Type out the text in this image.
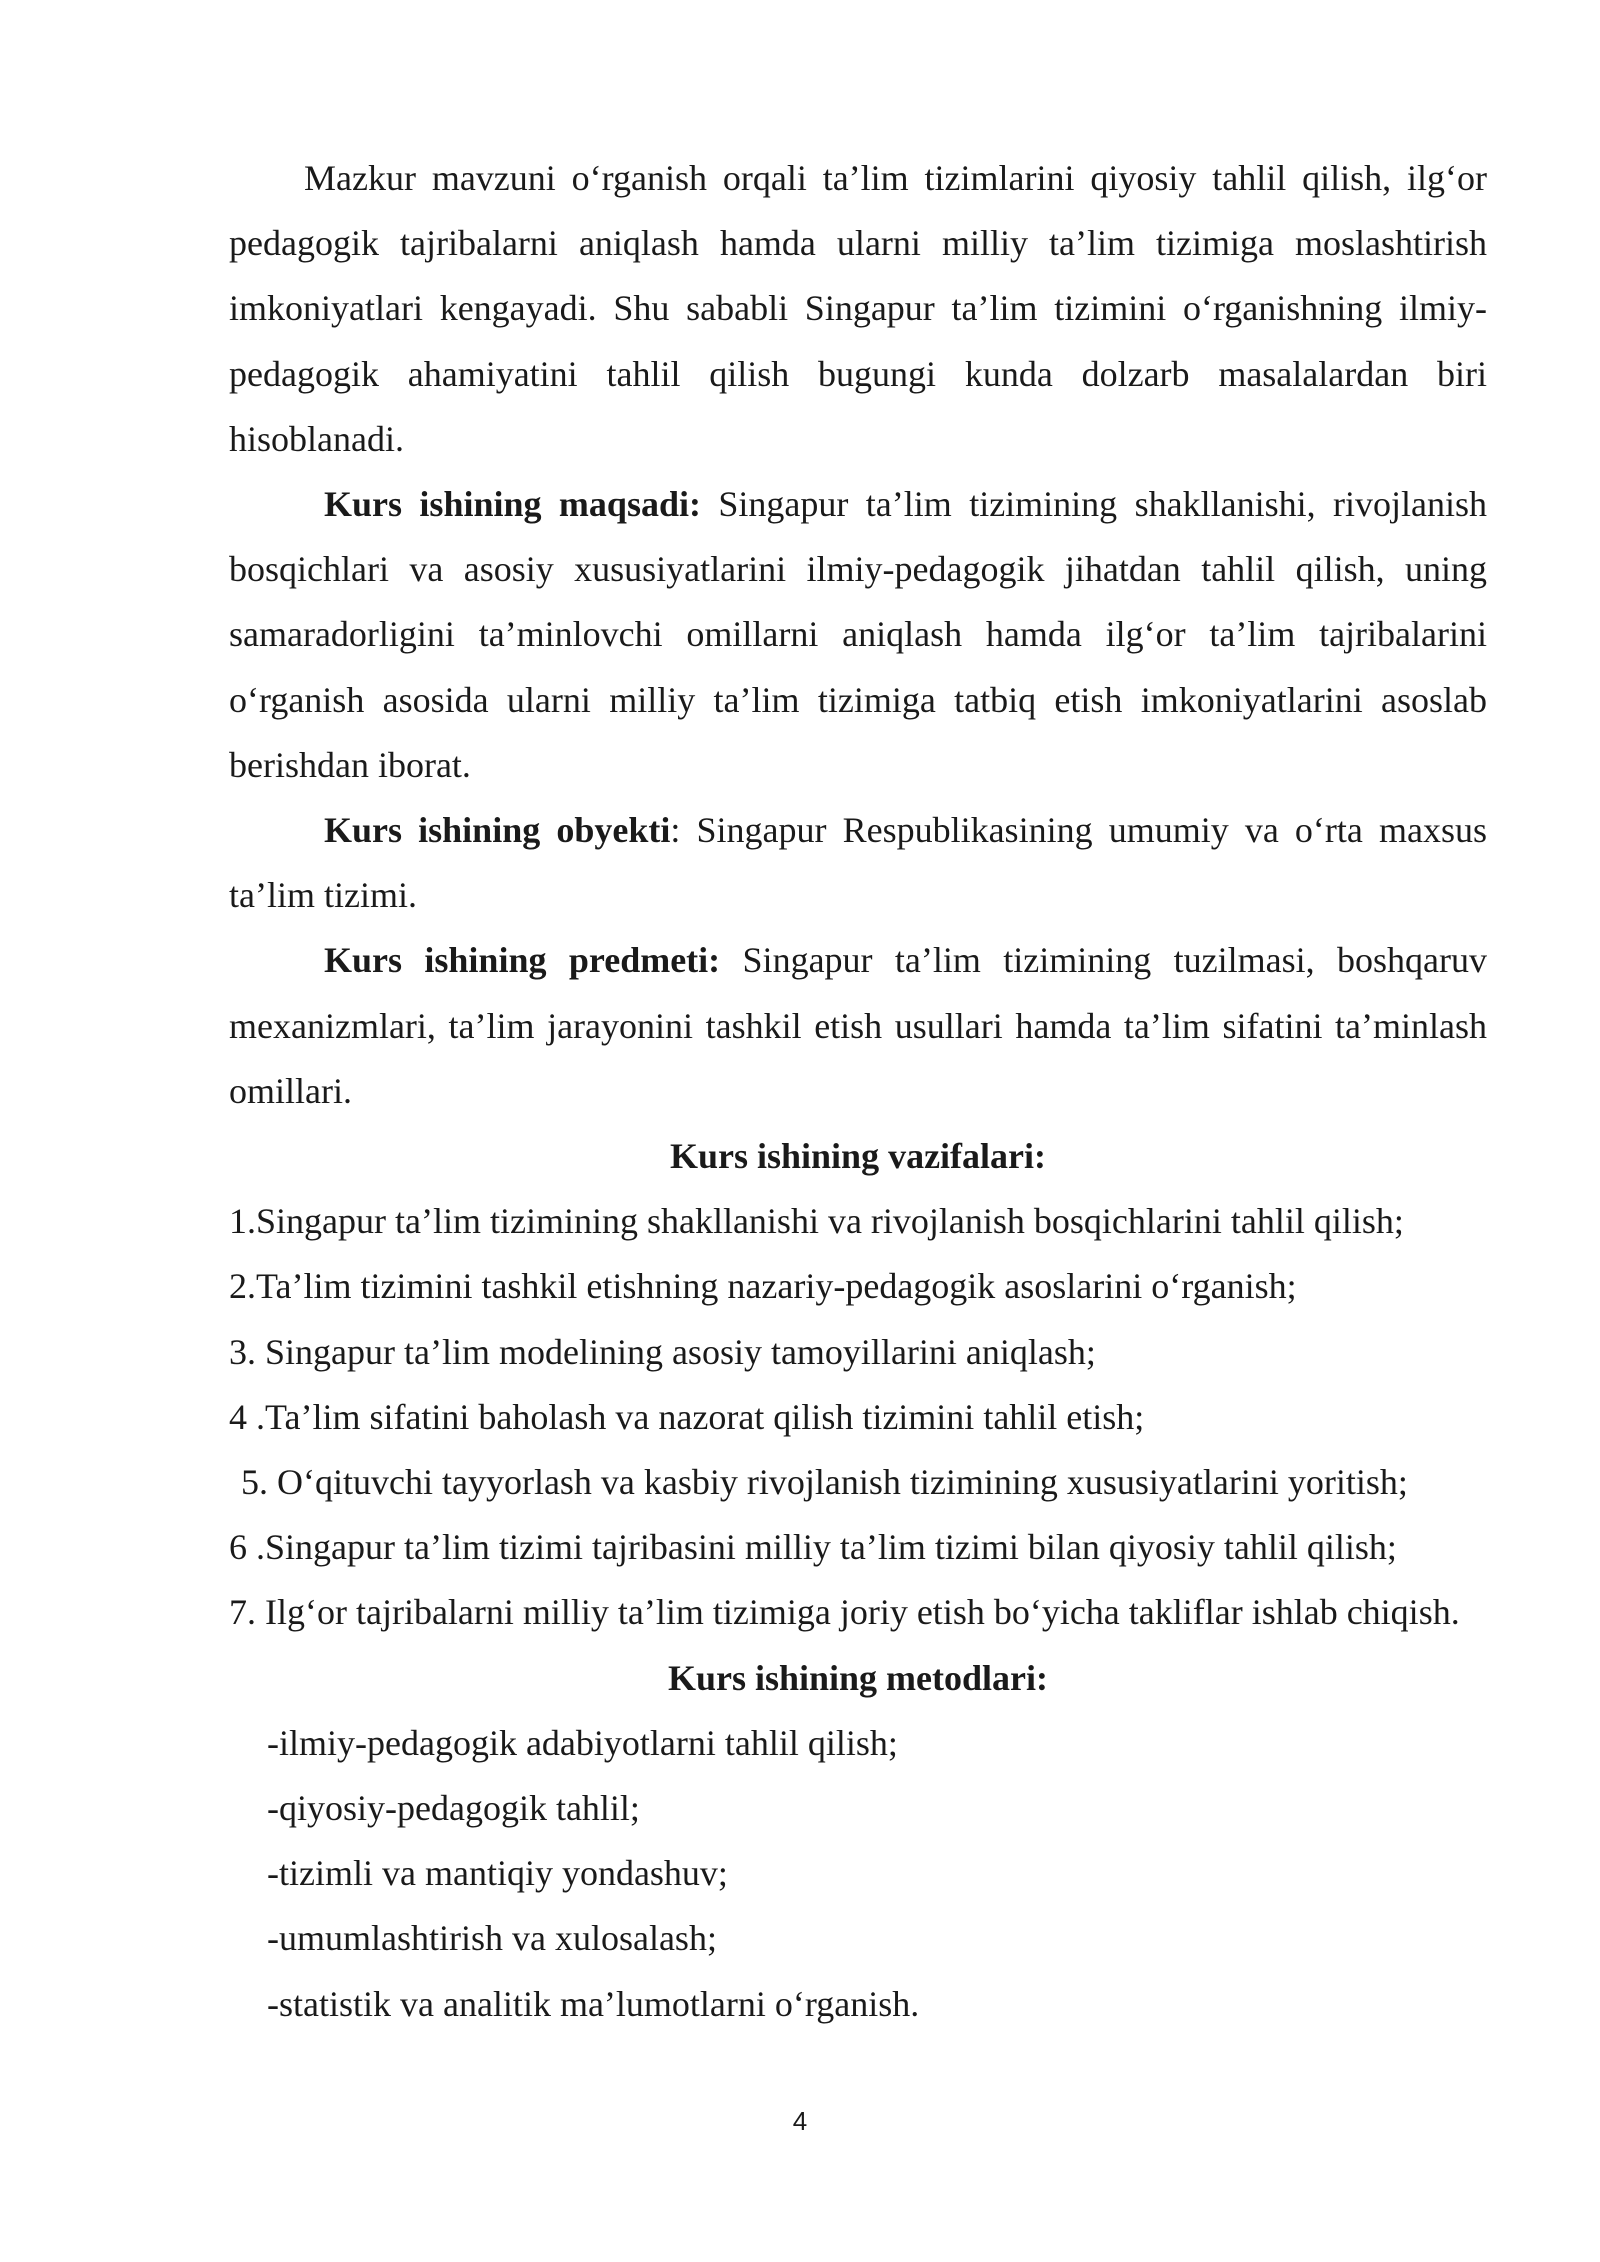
Mazkur mavzuni o‘rganish orqali ta’lim tizimlarini qiyosiy tahlil qilish, ilg‘or pedagogik tajribalarni aniqlash hamda ularni milliy ta’lim tizimiga moslashtirish imkoniyatlari kengayadi. Shu sababli Singapur ta’lim tizimini o‘rganishning ilmiy-pedagogik ahamiyatini tahlil qilish bugungi kunda dolzarb masalalardan biri hisoblanadi.

Kurs ishining maqsadi: Singapur ta’lim tizimining shakllanishi, rivojlanish bosqichlari va asosiy xususiyatlarini ilmiy-pedagogik jihatdan tahlil qilish, uning samaradorligini ta’minlovchi omillarni aniqlash hamda ilg‘or ta’lim tajribalarini o‘rganish asosida ularni milliy ta’lim tizimiga tatbiq etish imkoniyatlarini asoslab berishdan iborat.

Kurs ishining obyekti: Singapur Respublikasining umumiy va o‘rta maxsus ta’lim tizimi.

Kurs ishining predmeti: Singapur ta’lim tizimining tuzilmasi, boshqaruv mexanizmlari, ta’lim jarayonini tashkil etish usullari hamda ta’lim sifatini ta’minlash omillari.

Kurs ishining vazifalari:

1.Singapur ta’lim tizimining shakllanishi va rivojlanish bosqichlarini tahlil qilish;

2.Ta’lim tizimini tashkil etishning nazariy-pedagogik asoslarini o‘rganish;

3. Singapur ta’lim modelining asosiy tamoyillarini aniqlash;

4 .Ta’lim sifatini baholash va nazorat qilish tizimini tahlil etish;

5. O‘qituvchi tayyorlash va kasbiy rivojlanish tizimining xususiyatlarini yoritish;

6 .Singapur ta’lim tizimi tajribasini milliy ta’lim tizimi bilan qiyosiy tahlil qilish;

7. Ilg‘or tajribalarni milliy ta’lim tizimiga joriy etish bo‘yicha takliflar ishlab chiqish.

Kurs ishining metodlari:

-ilmiy-pedagogik adabiyotlarni tahlil qilish;

-qiyosiy-pedagogik tahlil;

-tizimli va mantiqiy yondashuv;

-umumlashtirish va xulosalash;

-statistik va analitik ma’lumotlarni o‘rganish.

4
